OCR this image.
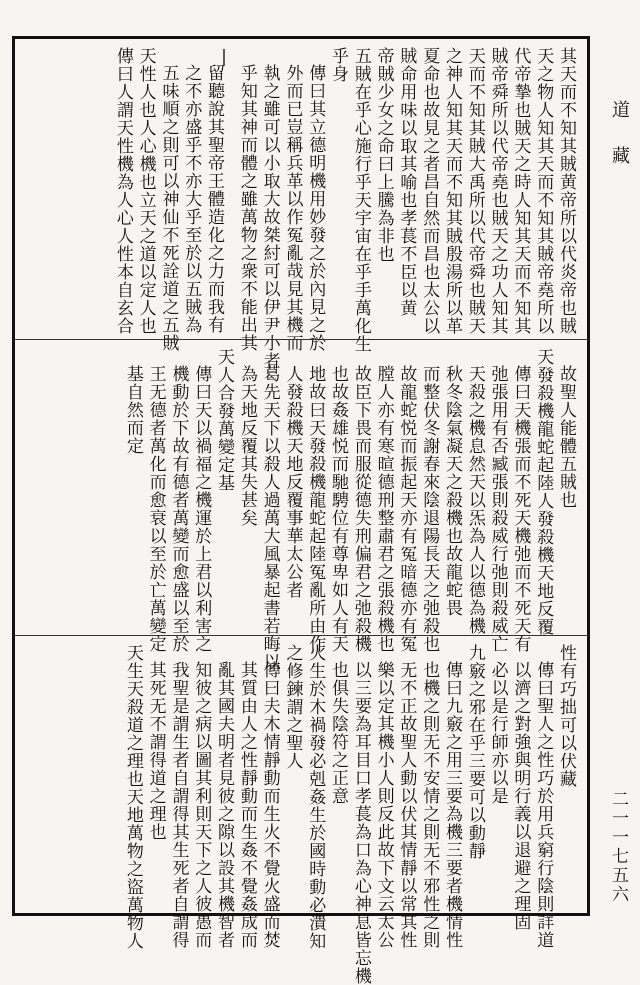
道藏
二一一七五六
其天而不知其賊黄帝所以代炎帝也賊
天之物人知其天而不知其賊帝堯所以
代帝摯也賊天之時人知其天而不知其
賊帝舜所以代帝堯也賊天之功人知其
天而不知其賊大禹所以代帝舜也賊天
之神人知其天而不知其賊殷湯所以革
夏命也故見之者昌自然而昌也太公以
賊命用味以取其喻也孝萇不臣以黄
帝賊少女之命曰上騰為非也
五賊在乎心施行乎天宇宙在乎手萬化生
乎身
傳曰其立德明機用妙發之於內見之於
外而已豈稱兵革以作冤亂哉見其機而
執之雖可以小取大故桀紂可以伊尹小者
乎知其神而體之雖萬物之衆不能出其
|
留聽說其聖帝王體造化之力而我有
之不亦盛乎不亦大乎至於以五賊為
五味順之則可以神仙不死詮道之五賊
天性人也人心機也立天之道以定人也
傳曰人謂天性機為人心人性本自玄合
故聖人能體五賊也
天發殺機龍蛇起陸人發殺機天地反覆
傳曰天機張而不死天機弛而不死天有
弛張用有否臧張則殺威行弛則殺威亡
天殺之機息然天以炁為人以德為機
秋冬陰氣凝天之殺機也故龍蛇畏
而整伏冬謝春來陰退陽長天之弛殺也
故龍蛇悦而振起天亦有冤暗德亦有冤
膛人亦有寒暄德刑整肅君之張殺機也
故臣下畏而服從德失刑偏君之弛殺機
也故姦雄悦而馳騁位有尊卑如人有天
地故曰天發殺機龍蛇起陸冤亂所由作
人發殺機天地反覆事華太公者
葛先天下以殺人過萬大風暴起書若晦以
為天地反覆其失甚矣
天人合發萬變定基
傳曰天以禍福之機運於上君以利害之
機動於下故有德者萬變而愈盛以至於
王无德者萬化而愈衰以至於亡萬變定
基自然而定
性有巧拙可以伏藏
傳曰聖人之性巧於用兵窮行陰則詳道
以濟之對強與明行義以退避之理固
必以是行師亦以是
九竅之邪在乎三要可以動靜
傳曰九竅之用三要為機三要者機情性
也機之則无不安情之則无不邪性之則
无不正故聖人動以伏其情靜以常其性
樂以定其機小人則反此故下文云太公
以三要為耳目口孝萇為口為心神息皆忘機
也俱失陰符之正意
火生於木禍發必剋姦生於國時動必潰知
之修鍊謂之聖人
傳曰夫木情靜動而生火不覺火盛而焚
其質由人之性靜動而生姦不覺姦成而
亂其國夫明者見彼之隙以設其機智者
知彼之病以圖其利則天下之人彼愚而
我聖是謂生者自謂得其生死者自謂得
其死无不謂得道之理也
天生天殺道之理也天地萬物之盜萬物人
